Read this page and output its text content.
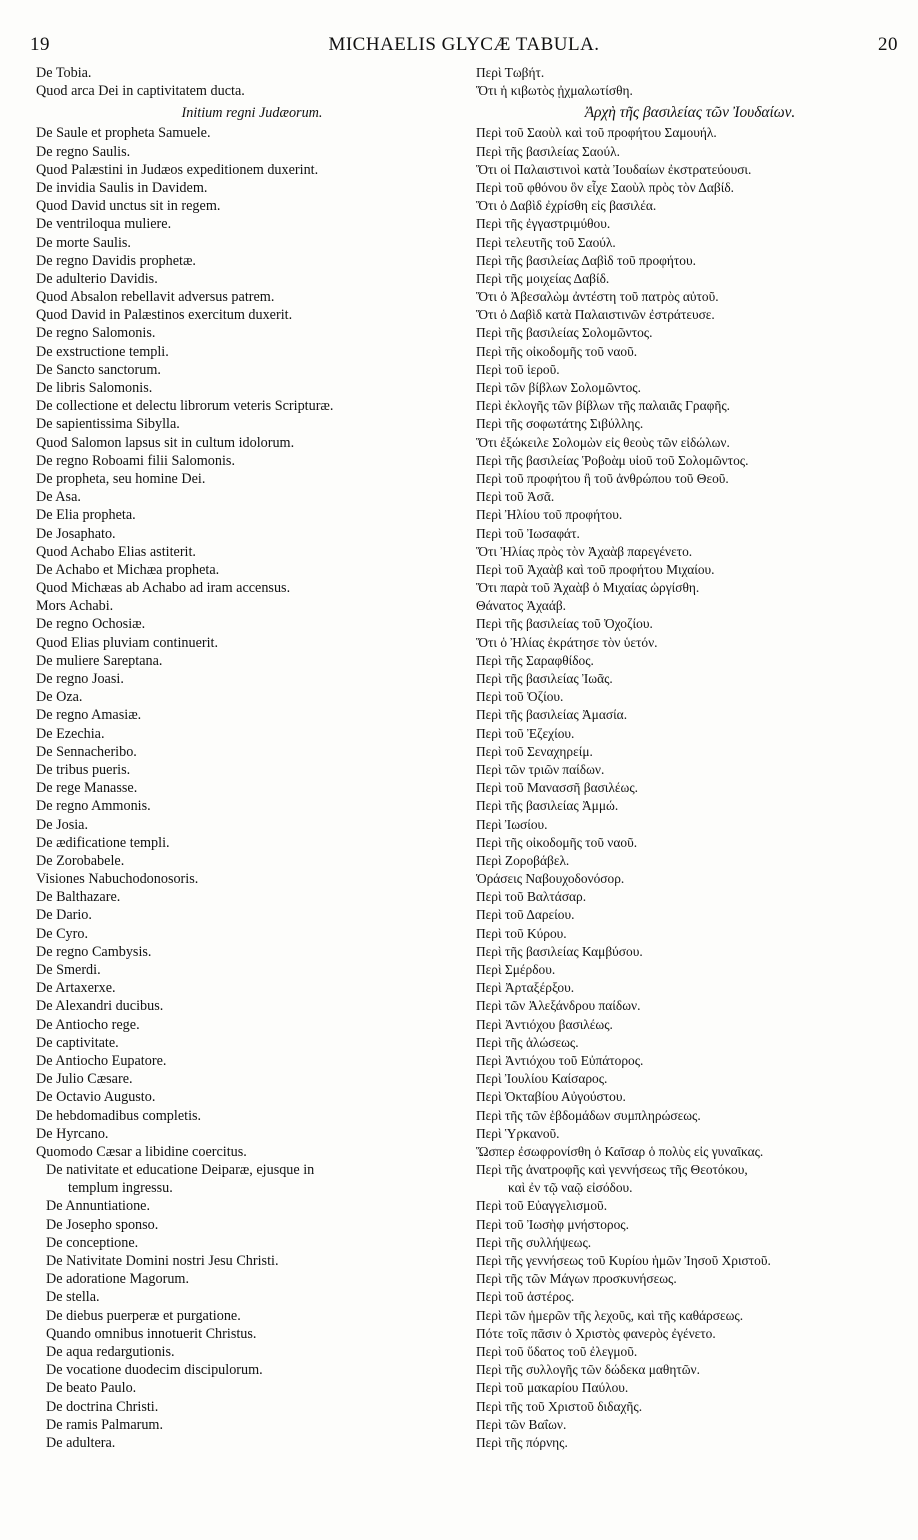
19	MICHAELIS GLYCÆ TABULA.	20
De Tobia.
Quod arca Dei in captivitatem ducta.
Initium regni Judæorum.
De Saule et propheta Samuele.
De regno Saulis.
Quod Palæstini in Judæos expeditionem duxerint.
De invidia Saulis in Davidem.
Quod David unctus sit in regem.
De ventriloqua muliere.
De morte Saulis.
De regno Davidis prophetæ.
De adulterio Davidis.
Quod Absalon rebellavit adversus patrem.
Quod David in Palæstinos exercitum duxerit.
De regno Salomonis.
De exstructione templi.
De Sancto sanctorum.
De libris Salomonis.
De collectione et delectu librorum veteris Scripturæ.
De sapientissima Sibylla.
Quod Salomon lapsus sit in cultum idolorum.
De regno Roboami filii Salomonis.
De propheta, seu homine Dei.
De Asa.
De Elia propheta.
De Josaphato.
Quod Achabo Elias astiterit.
De Achabo et Michæa propheta.
Quod Michæas ab Achabo ad iram accensus.
Mors Achabi.
De regno Ochosiæ.
Quod Elias pluviam continuerit.
De muliere Sareptana.
De regno Joasi.
De Oza.
De regno Amasiæ.
De Ezechia.
De Sennacheribo.
De tribus pueris.
De rege Manasse.
De regno Ammonis.
De Josia.
De ædificatione templi.
De Zorobabele.
Visiones Nabuchodonosoris.
De Balthazare.
De Dario.
De Cyro.
De regno Cambysis.
De Smerdi.
De Artaxerxe.
De Alexandri ducibus.
De Antiocho rege.
De captivitate.
De Antiocho Eupatore.
De Julio Cæsare.
De Octavio Augusto.
De hebdomadibus completis.
De Hyrcano.
Quomodo Cæsar a libidine coercitus.
De nativitate et educatione Deiparæ, ejusque in
templum ingressu.
De Annuntiatione.
De Josepho sponso.
De conceptione.
De Nativitate Domini nostri Jesu Christi.
De adoratione Magorum.
De stella.
De diebus puerperæ et purgatione.
Quando omnibus innotuerit Christus.
De aqua redargutionis.
De vocatione duodecim discipulorum.
De beato Paulo.
De doctrina Christi.
De ramis Palmarum.
De adultera.
Περὶ Τωβήτ.
Ὅτι ἡ κιβωτὸς ᾐχμαλωτίσθη.
Ἀρχὴ τῆς βασιλείας τῶν Ἰουδαίων.
Περὶ τοῦ Σαοὺλ καὶ τοῦ προφήτου Σαμουήλ.
Περὶ τῆς βασιλείας Σαούλ.
Ὅτι οἱ Παλαιστινοὶ κατὰ Ἰουδαίων ἐκστρατεύουσι.
Περὶ τοῦ φθόνου ὃν εἶχε Σαοὺλ πρὸς τὸν Δαβίδ.
Ὅτι ὁ Δαβὶδ ἐχρίσθη εἰς βασιλέα.
Περὶ τῆς ἐγγαστριμύθου.
Περὶ τελευτῆς τοῦ Σαούλ.
Περὶ τῆς βασιλείας Δαβὶδ τοῦ προφήτου.
Περὶ τῆς μοιχείας Δαβίδ.
Ὅτι ὁ Ἀβεσαλὼμ ἀντέστη τοῦ πατρὸς αὐτοῦ.
Ὅτι ὁ Δαβὶδ κατὰ Παλαιστινῶν ἐστράτευσε.
Περὶ τῆς βασιλείας Σολομῶντος.
Περὶ τῆς οἰκοδομῆς τοῦ ναοῦ.
Περὶ τοῦ ἱεροῦ.
Περὶ τῶν βίβλων Σολομῶντος.
Περὶ ἐκλογῆς τῶν βίβλων τῆς παλαιᾶς Γραφῆς.
Περὶ τῆς σοφωτάτης Σιβύλλης.
Ὅτι ἐξώκειλε Σολομὼν εἰς θεοὺς τῶν εἰδώλων.
Περὶ τῆς βασιλείας Ῥοβοὰμ υἱοῦ τοῦ Σολομῶντος.
Περὶ τοῦ προφήτου ἢ τοῦ ἀνθρώπου τοῦ Θεοῦ.
Περὶ τοῦ Ἀσᾶ.
Περὶ Ἠλίου τοῦ προφήτου.
Περὶ τοῦ Ἰωσαφάτ.
Ὅτι Ἠλίας πρὸς τὸν Ἀχαὰβ παρεγένετο.
Περὶ τοῦ Ἀχαὰβ καὶ τοῦ προφήτου Μιχαίου.
Ὅτι παρὰ τοῦ Ἀχαὰβ ὁ Μιχαίας ὠργίσθη.
Θάνατος Ἀχαάβ.
Περὶ τῆς βασιλείας τοῦ Ὀχοζίου.
Ὅτι ὁ Ἠλίας ἐκράτησε τὸν ὑετόν.
Περὶ τῆς Σαραφθίδος.
Περὶ τῆς βασιλείας Ἰωᾶς.
Περὶ τοῦ Ὀζίου.
Περὶ τῆς βασιλείας Ἀμασία.
Περὶ τοῦ Ἐζεχίου.
Περὶ τοῦ Σεναχηρείμ.
Περὶ τῶν τριῶν παίδων.
Περὶ τοῦ Μανασσῆ βασιλέως.
Περὶ τῆς βασιλείας Ἀμμώ.
Περὶ Ἰωσίου.
Περὶ τῆς οἰκοδομῆς τοῦ ναοῦ.
Περὶ Ζοροβάβελ.
Ὁράσεις Ναβουχοδονόσορ.
Περὶ τοῦ Βαλτάσαρ.
Περὶ τοῦ Δαρείου.
Περὶ τοῦ Κύρου.
Περὶ τῆς βασιλείας Καμβύσου.
Περὶ Σμέρδου.
Περὶ Ἀρταξέρξου.
Περὶ τῶν Ἀλεξάνδρου παίδων.
Περὶ Ἀντιόχου βασιλέως.
Περὶ τῆς ἁλώσεως.
Περὶ Ἀντιόχου τοῦ Εὐπάτορος.
Περὶ Ἰουλίου Καίσαρος.
Περὶ Ὀκταβίου Αὐγούστου.
Περὶ τῆς τῶν ἑβδομάδων συμπληρώσεως.
Περὶ Ὑρκανοῦ.
Ὥσπερ ἐσωφρονίσθη ὁ Καῖσαρ ὁ πολὺς εἰς γυναῖκας.
Περὶ τῆς ἀνατροφῆς καὶ γεννήσεως τῆς Θεοτόκου,
καὶ ἐν τῷ ναῷ εἰσόδου.
Περὶ τοῦ Εὐαγγελισμοῦ.
Περὶ τοῦ Ἰωσὴφ μνήστορος.
Περὶ τῆς συλλήψεως.
Περὶ τῆς γεννήσεως τοῦ Κυρίου ἡμῶν Ἰησοῦ Χριστοῦ.
Περὶ τῆς τῶν Μάγων προσκυνήσεως.
Περὶ τοῦ ἀστέρος.
Περὶ τῶν ἡμερῶν τῆς λεχοῦς, καὶ τῆς καθάρσεως.
Πότε τοῖς πᾶσιν ὁ Χριστὸς φανερὸς ἐγένετο.
Περὶ τοῦ ὕδατος τοῦ ἐλεγμοῦ.
Περὶ τῆς συλλογῆς τῶν δώδεκα μαθητῶν.
Περὶ τοῦ μακαρίου Παύλου.
Περὶ τῆς τοῦ Χριστοῦ διδαχῆς.
Περὶ τῶν Βαΐων.
Περὶ τῆς πόρνης.
